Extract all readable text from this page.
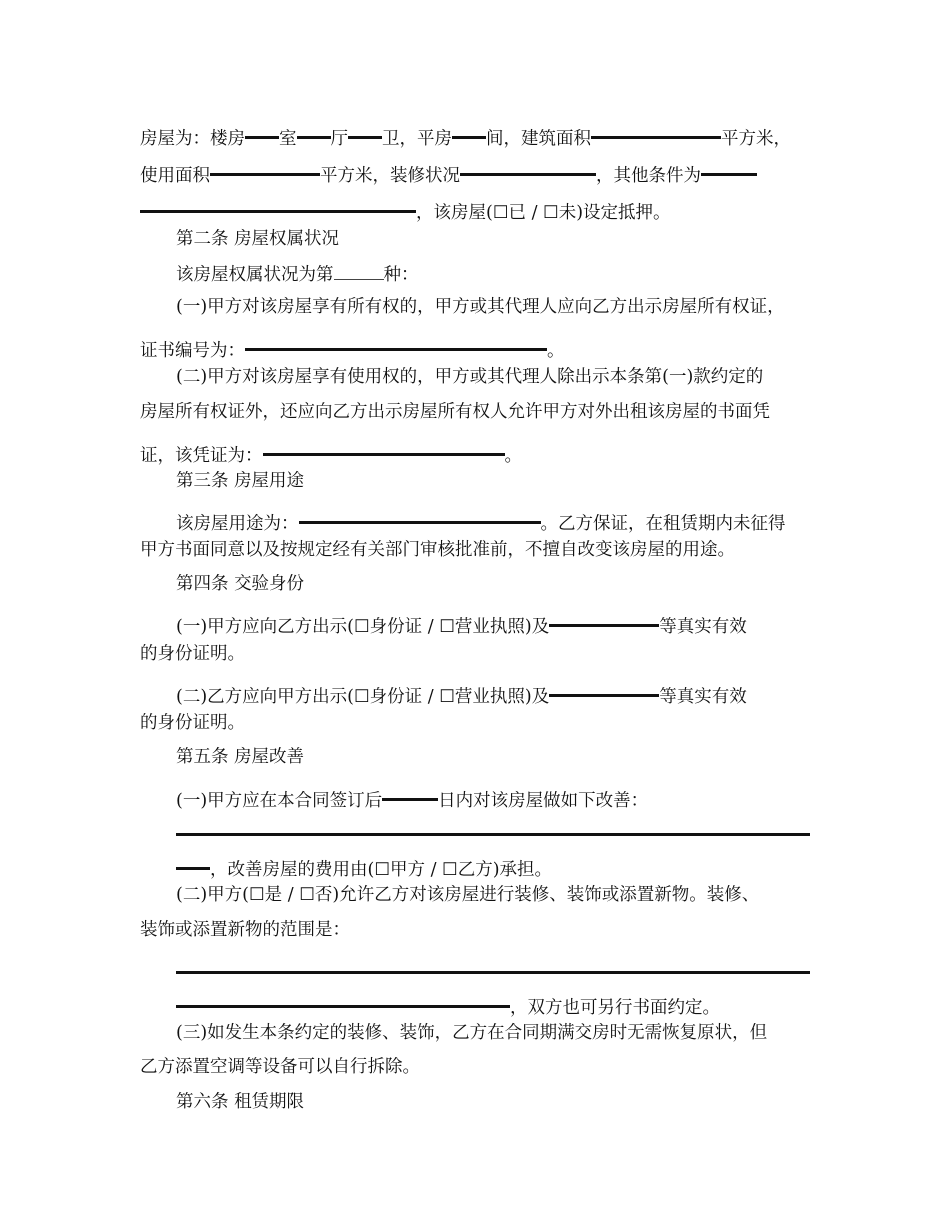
房屋为：楼房 室 厅 卫，平房 间，建筑面积	平方米，
使用面积	平方米，装修状况	，其他条件为
，该房屋(☐已 / ☐未)设定抵押。
第二条 房屋权属状况
该房屋权属状况为第	种：
(一)甲方对该房屋享有所有权的，甲方或其代理人应向乙方出示房屋所有权证，
证书编号为：	。
(二)甲方对该房屋享有使用权的，甲方或其代理人除出示本条第(一)款约定的
房屋所有权证外，还应向乙方出示房屋所有权人允许甲方对外出租该房屋的书面凭
证，该凭证为：	。
第三条 房屋用途
该房屋用途为：	。乙方保证，在租赁期内未征得
甲方书面同意以及按规定经有关部门审核批准前，不擅自改变该房屋的用途。
第四条 交验身份
(一)甲方应向乙方出示(☐身份证 / ☐营业执照)及	等真实有效
的身份证明。
(二)乙方应向甲方出示(☐身份证 / ☐营业执照)及	等真实有效
的身份证明。
第五条 房屋改善
(一)甲方应在本合同签订后	日内对该房屋做如下改善：
，改善房屋的费用由(☐甲方 / ☐乙方)承担。
(二)甲方(☐是 / ☐否)允许乙方对该房屋进行装修、装饰或添置新物。装修、
装饰或添置新物的范围是：
，双方也可另行书面约定。
(三)如发生本条约定的装修、装饰，乙方在合同期满交房时无需恢复原状，但
乙方添置空调等设备可以自行拆除。
第六条 租赁期限
